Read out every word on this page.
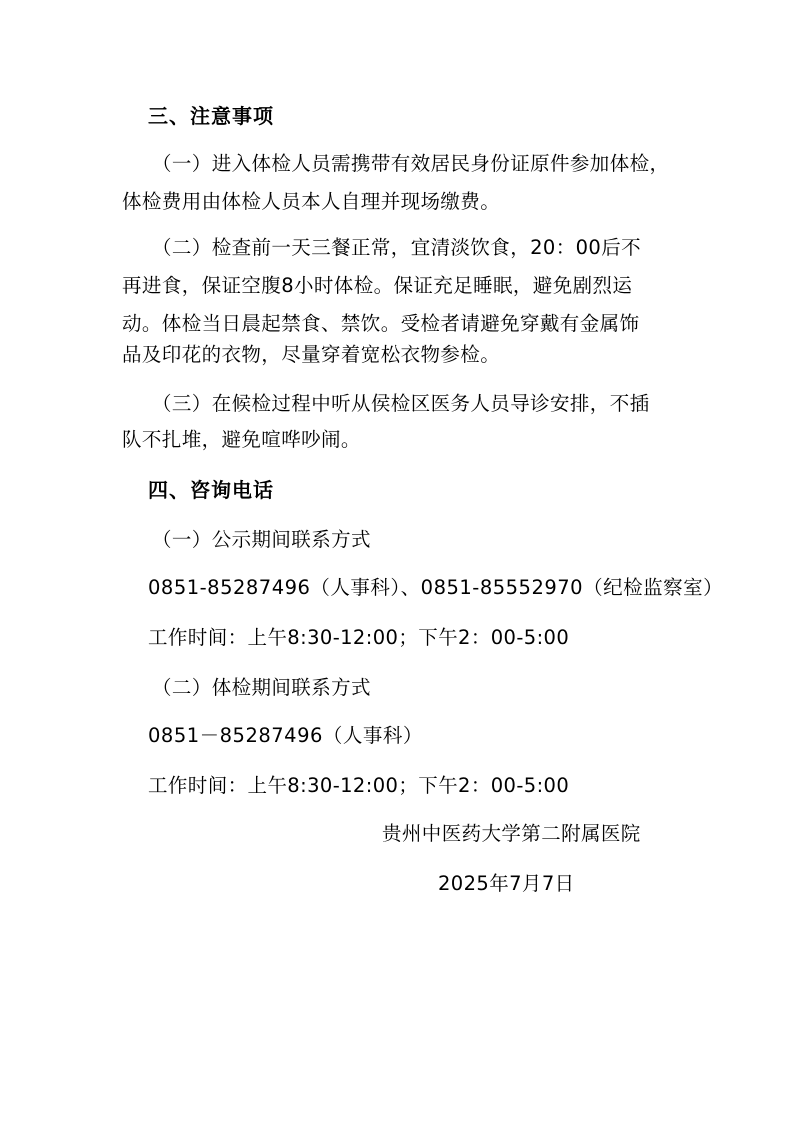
三、注意事项
（一）进入体检人员需携带有效居民身份证原件参加体检，
体检费用由体检人员本人自理并现场缴费。
（二）检查前一天三餐正常，宜清淡饮食，20：00后不
再进食，保证空腹8小时体检。保证充足睡眠，避免剧烈运
动。体检当日晨起禁食、禁饮。受检者请避免穿戴有金属饰
品及印花的衣物，尽量穿着宽松衣物参检。
（三）在候检过程中听从侯检区医务人员导诊安排，不插
队不扎堆，避免喧哗吵闹。
四、咨询电话
（一）公示期间联系方式
0851-85287496（人事科）、0851-85552970（纪检监察室）
工作时间：上午8:30-12:00；下午2：00-5:00
（二）体检期间联系方式
0851－85287496（人事科）
工作时间：上午8:30-12:00；下午2：00-5:00
贵州中医药大学第二附属医院
2025年7月7日
